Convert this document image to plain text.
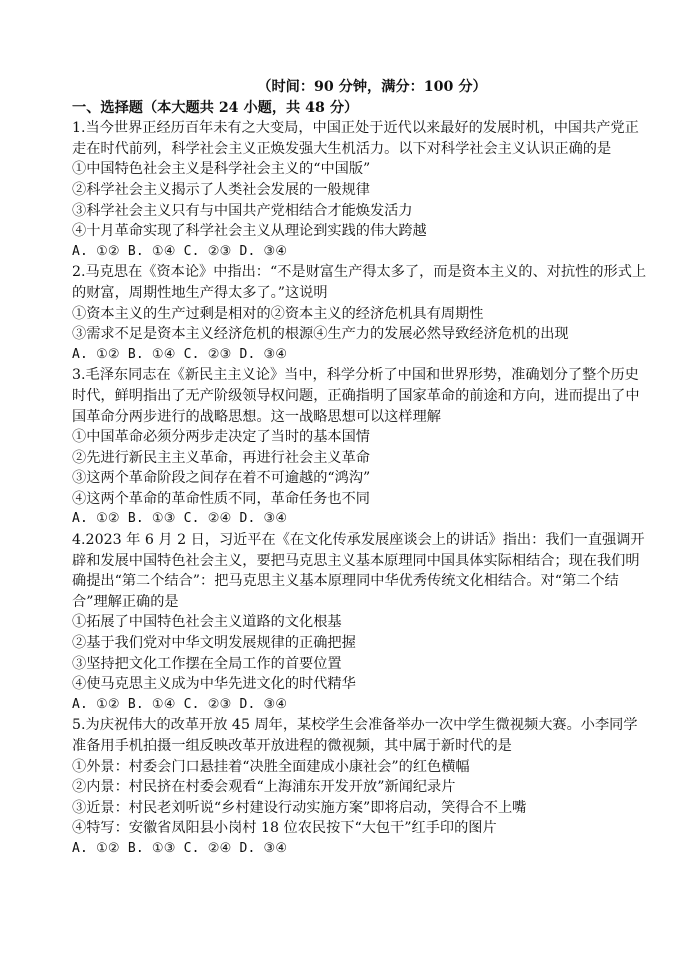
（时间：90 分钟，满分：100 分）
一、选择题（本大题共 24 小题，共 48 分）
1.当今世界正经历百年未有之大变局，中国正处于近代以来最好的发展时机，中国共产党正走在时代前列，科学社会主义正焕发强大生机活力。以下对科学社会主义认识正确的是
①中国特色社会主义是科学社会主义的“中国版”
②科学社会主义揭示了人类社会发展的一般规律
③科学社会主义只有与中国共产党相结合才能焕发活力
④十月革命实现了科学社会主义从理论到实践的伟大跨越
A. ①② B. ①④ C. ②③ D. ③④
2.马克思在《资本论》中指出：“不是财富生产得太多了，而是资本主义的、对抗性的形式上的财富，周期性地生产得太多了。”这说明
①资本主义的生产过剩是相对的②资本主义的经济危机具有周期性
③需求不足是资本主义经济危机的根源④生产力的发展必然导致经济危机的出现
A. ①② B. ①④ C. ②③ D. ③④
3.毛泽东同志在《新民主主义论》当中，科学分析了中国和世界形势，准确划分了整个历史时代，鲜明指出了无产阶级领导权问题，正确指明了国家革命的前途和方向，进而提出了中国革命分两步进行的战略思想。这一战略思想可以这样理解
①中国革命必须分两步走决定了当时的基本国情
②先进行新民主主义革命，再进行社会主义革命
③这两个革命阶段之间存在着不可逾越的“鸿沟”
④这两个革命的革命性质不同，革命任务也不同
A. ①② B. ①③ C. ②④ D. ③④
4.2023 年 6 月 2 日，习近平在《在文化传承发展座谈会上的讲话》指出：我们一直强调开辟和发展中国特色社会主义，要把马克思主义基本原理同中国具体实际相结合；现在我们明确提出“第二个结合”：把马克思主义基本原理同中华优秀传统文化相结合。对“第二个结合”理解正确的是
①拓展了中国特色社会主义道路的文化根基
②基于我们党对中华文明发展规律的正确把握
③坚持把文化工作摆在全局工作的首要位置
④使马克思主义成为中华先进文化的时代精华
A. ①② B. ①④ C. ②③ D. ③④
5.为庆祝伟大的改革开放 45 周年，某校学生会准备举办一次中学生微视频大赛。小李同学准备用手机拍摄一组反映改革开放进程的微视频，其中属于新时代的是
①外景：村委会门口悬挂着“决胜全面建成小康社会”的红色横幅
②内景：村民挤在村委会观看“上海浦东开发开放”新闻纪录片
③近景：村民老刘听说“乡村建设行动实施方案”即将启动，笑得合不上嘴
④特写：安徽省凤阳县小岗村 18 位农民按下“大包干”红手印的图片
A. ①② B. ①③ C. ②④ D. ③④
